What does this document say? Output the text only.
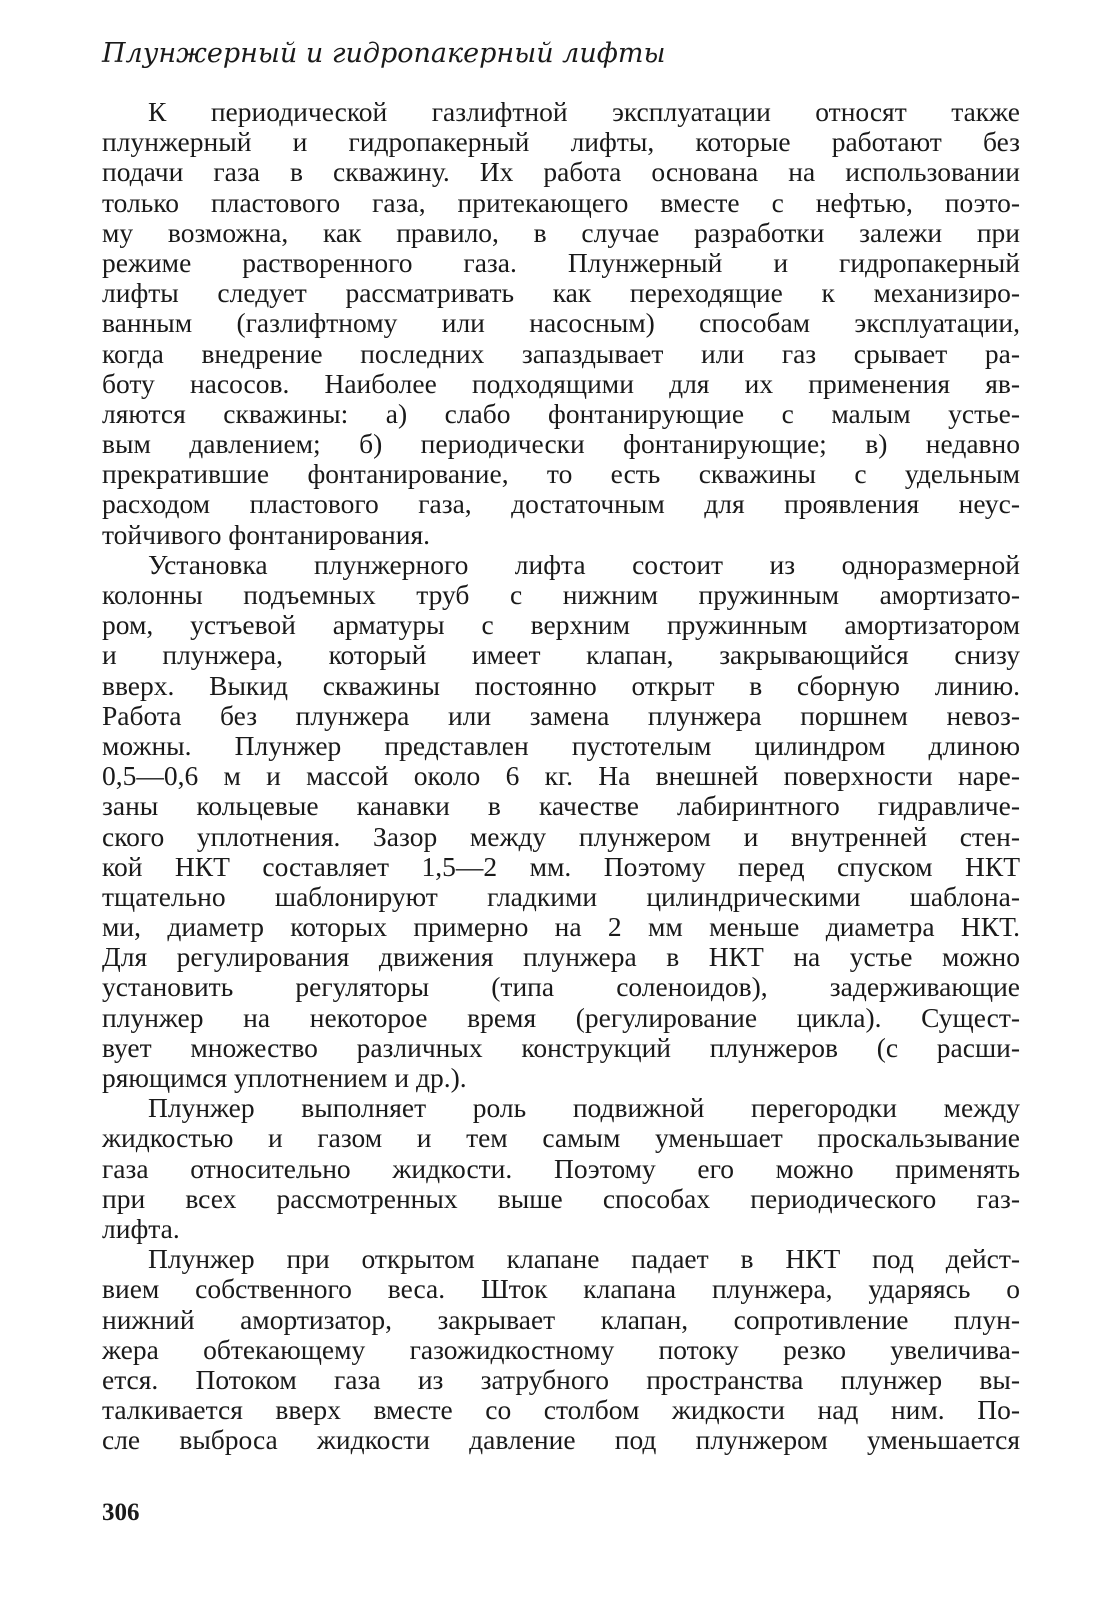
Плунжерный и гидропакерный лифты
К периодической газлифтной эксплуатации относят также
плунжерный и гидропакерный лифты, которые работают без
подачи газа в скважину. Их работа основана на использовании
только пластового газа, притекающего вместе с нефтью, поэто-
му возможна, как правило, в случае разработки залежи при
режиме растворенного газа. Плунжерный и гидропакерный
лифты следует рассматривать как переходящие к механизиро-
ванным (газлифтному или насосным) способам эксплуатации,
когда внедрение последних запаздывает или газ срывает ра-
боту насосов. Наиболее подходящими для их применения яв-
ляются скважины: а) слабо фонтанирующие с малым устье-
вым давлением; б) периодически фонтанирующие; в) недавно
прекратившие фонтанирование, то есть скважины с удельным
расходом пластового газа, достаточным для проявления неус-
тойчивого фонтанирования.
Установка плунжерного лифта состоит из одноразмерной
колонны подъемных труб с нижним пружинным амортизато-
ром, устъевой арматуры с верхним пружинным амортизатором
и плунжера, который имеет клапан, закрывающийся снизу
вверх. Выкид скважины постоянно открыт в сборную линию.
Работа без плунжера или замена плунжера поршнем невоз-
можны. Плунжер представлен пустотелым цилиндром длиною
0,5—0,6 м и массой около 6 кг. На внешней поверхности наре-
заны кольцевые канавки в качестве лабиринтного гидравличе-
ского уплотнения. Зазор между плунжером и внутренней стен-
кой НКТ составляет 1,5—2 мм. Поэтому перед спуском НКТ
тщательно шаблонируют гладкими цилиндрическими шаблона-
ми, диаметр которых примерно на 2 мм меньше диаметра НКТ.
Для регулирования движения плунжера в НКТ на устье можно
установить регуляторы (типа соленоидов), задерживающие
плунжер на некоторое время (регулирование цикла). Сущест-
вует множество различных конструкций плунжеров (с расши-
ряющимся уплотнением и др.).
Плунжер выполняет роль подвижной перегородки между
жидкостью и газом и тем самым уменьшает проскальзывание
газа относительно жидкости. Поэтому его можно применять
при всех рассмотренных выше способах периодического газ-
лифта.
Плунжер при открытом клапане падает в НКТ под дейст-
вием собственного веса. Шток клапана плунжера, ударяясь о
нижний амортизатор, закрывает клапан, сопротивление плун-
жера обтекающему газожидкостному потоку резко увеличива-
ется. Потоком газа из затрубного пространства плунжер вы-
талкивается вверх вместе со столбом жидкости над ним. По-
сле выброса жидкости давление под плунжером уменьшается

306
